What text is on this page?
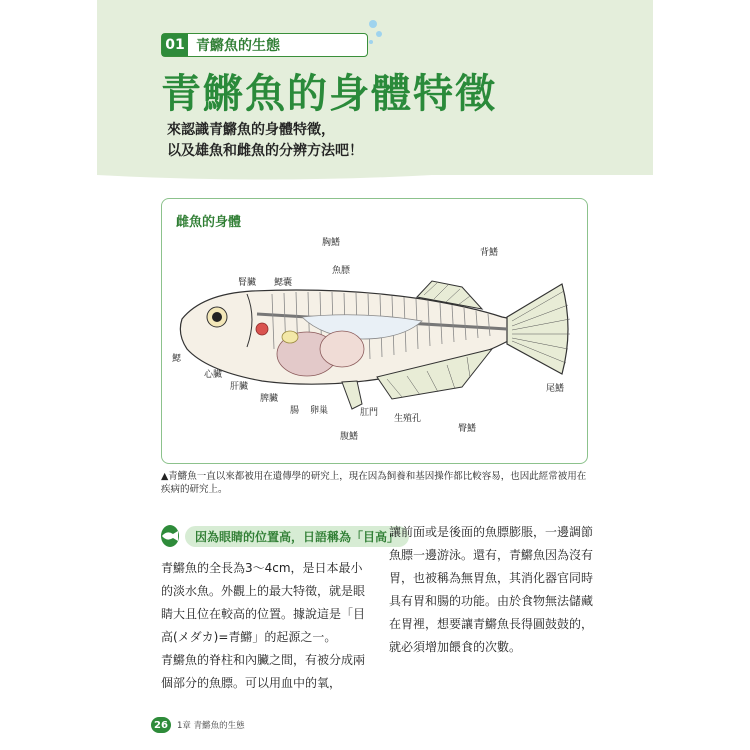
01 青鱂魚的生態
青鱂魚的身體特徵
來認識青鱂魚的身體特徵，
以及雄魚和雌魚的分辨方法吧！
雌魚的身體
胸鰭
魚膘
背鰭
腎臟 鰓囊
鰓
心臟
肝臟
脾臟
腸 卵巢	肛門
生殖孔
腹鰭
臀鰭
尾鰭
▲青鱂魚一直以來都被用在遺傳學的研究上，現在因為飼養和基因操作都比較容易，也因此經常被用在疾病的研究上。
因為眼睛的位置高，日語稱為「目高」

青鱂魚的全長為3～4cm，是日本最小的淡水魚。外觀上的最大特徵，就是眼睛大且位在較高的位置。據說這是「目高(メダカ)=青鱂」的起源之一。

青鱂魚的脊柱和內臟之間，有被分成兩個部分的魚膘。可以用血中的氧，

讓前面或是後面的魚膘膨脹，一邊調節魚膘一邊游泳。還有，青鱂魚因為沒有胃，也被稱為無胃魚，其消化器官同時具有胃和腸的功能。由於食物無法儲藏在胃裡，想要讓青鱂魚長得圓鼓鼓的，就必須增加餵食的次數。

26	1章 青鱂魚的生態
